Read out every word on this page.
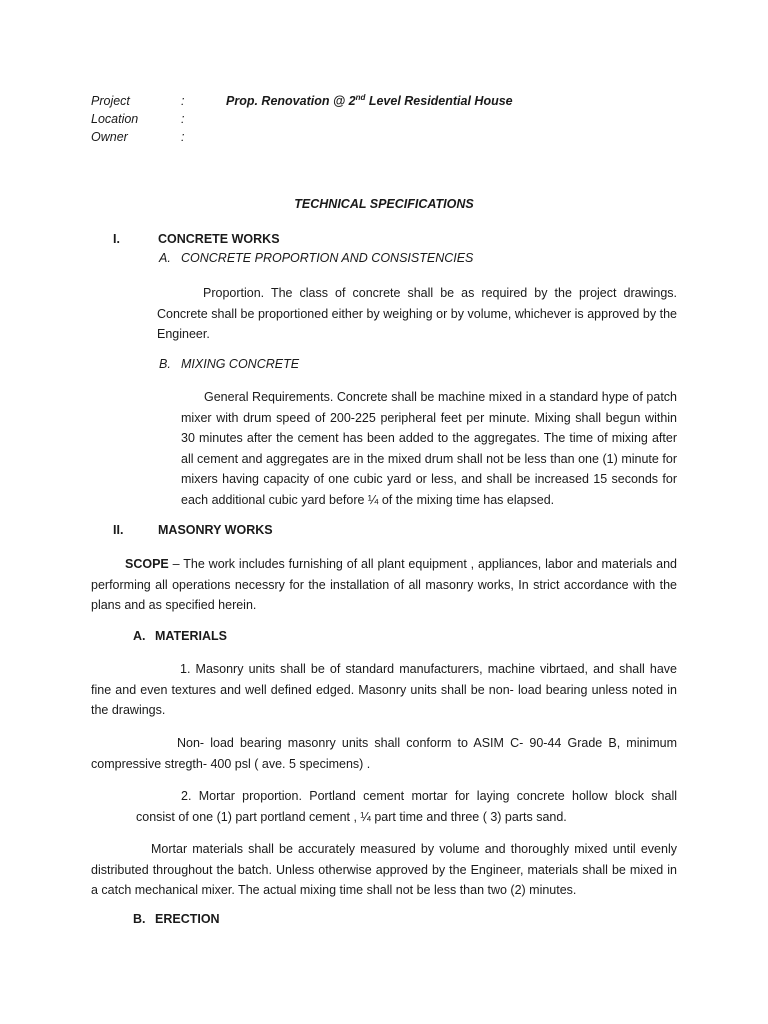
Project	:	Prop. Renovation @ 2nd Level Residential House
Location	:
Owner	:
TECHNICAL SPECIFICATIONS
I.	CONCRETE WORKS
A. CONCRETE PROPORTION AND CONSISTENCIES

Proportion. The class of concrete shall be as required by the project drawings. Concrete shall be proportioned either by weighing or by volume, whichever is approved by the Engineer.

B. MIXING CONCRETE

General Requirements. Concrete shall be machine mixed in a standard hype of patch mixer with drum speed of 200-225 peripheral feet per minute. Mixing shall begun within 30 minutes after the cement has been added to the aggregates. The time of mixing after all cement and aggregates are in the mixed drum shall not be less than one (1) minute for mixers having capacity of one cubic yard or less, and shall be increased 15 seconds for each additional cubic yard before ¼ of the mixing time has elapsed.

II.	MASONRY WORKS

SCOPE – The work includes furnishing of all plant equipment , appliances, labor and materials and performing all operations necessry for the installation of all masonry works, In strict accordance with the plans and as specified herein.

A. MATERIALS

1. Masonry units shall be of standard manufacturers, machine vibrtaed, and shall have fine and even textures and well defined edged. Masonry units shall be non- load bearing unless noted in the drawings.

Non- load bearing masonry units shall conform to ASIM C- 90-44 Grade B, minimum compressive stregth- 400 psl ( ave. 5 specimens) .

2. Mortar proportion. Portland cement mortar for laying concrete hollow block shall consist of one (1) part portland cement , ¼ part time and three ( 3) parts sand.

Mortar materials shall be accurately measured by volume and thoroughly mixed until evenly distributed throughout the batch. Unless otherwise approved by the Engineer, materials shall be mixed in a catch mechanical mixer. The actual mixing time shall not be less than two (2) minutes.

B. ERECTION
